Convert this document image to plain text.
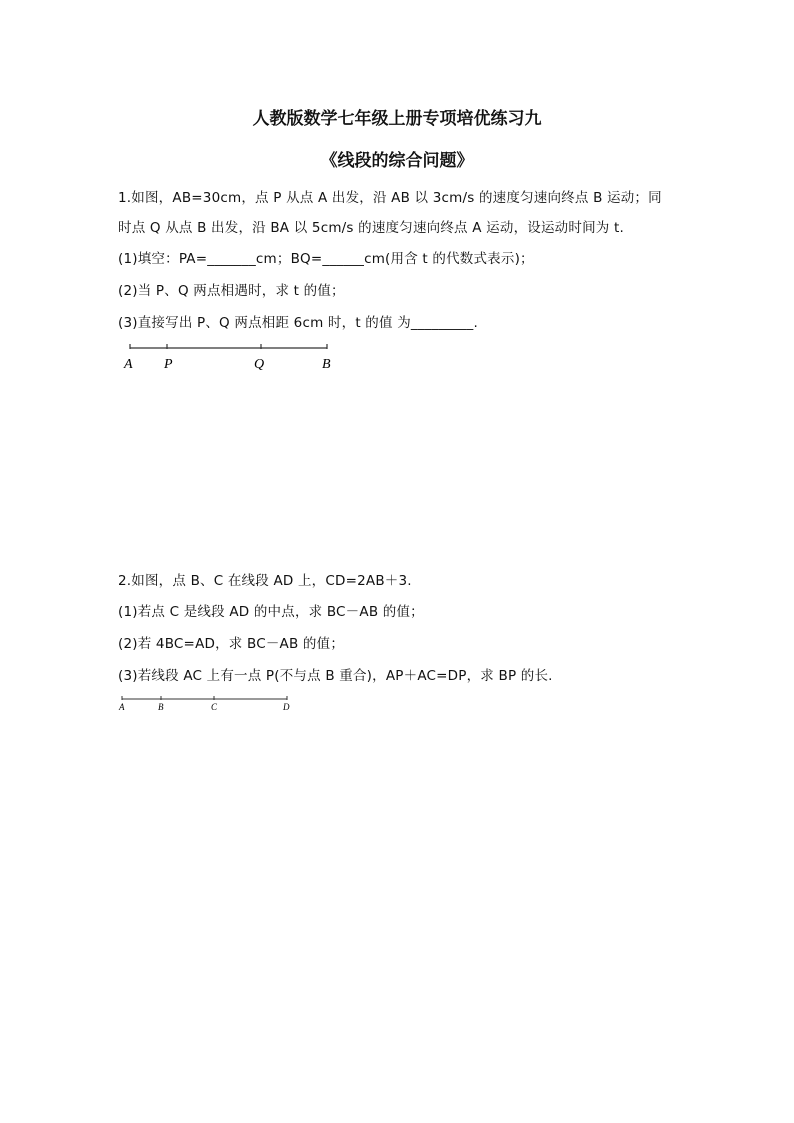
人教版数学七年级上册专项培优练习九
《线段的综合问题》
1.如图，AB=30cm，点 P 从点 A 出发，沿 AB 以 3cm/s 的速度匀速向终点 B 运动；同
时点 Q 从点 B 出发，沿 BA 以 5cm/s 的速度匀速向终点 A 运动，设运动时间为 t.
(1)填空：PA=_______cm；BQ=______cm(用含 t 的代数式表示)；
(2)当 P、Q 两点相遇时，求 t 的值；
(3)直接写出 P、Q 两点相距 6cm 时，t 的值 为_________.
A P	Q	B
2.如图，点 B、C 在线段 AD 上，CD=2AB＋3.
(1)若点 C 是线段 AD 的中点，求 BC－AB 的值；
(2)若 4BC=AD，求 BC－AB 的值；
(3)若线段 AC 上有一点 P(不与点 B 重合)，AP＋AC=DP，求 BP 的长.
A	B	C	D
